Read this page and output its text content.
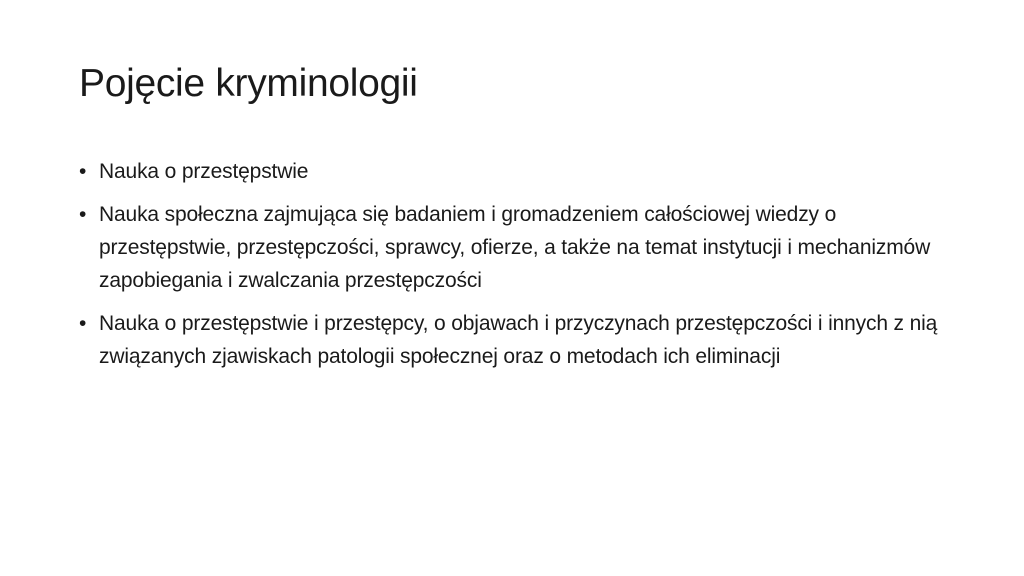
Pojęcie kryminologii
• Nauka o przestępstwie
• Nauka społeczna zajmująca się badaniem i gromadzeniem całościowej wiedzy o przestępstwie, przestępczości, sprawcy, ofierze, a także na temat instytucji i mechanizmów zapobiegania i zwalczania przestępczości
• Nauka o przestępstwie i przestępcy, o objawach i przyczynach przestępczości i innych z nią związanych zjawiskach patologii społecznej oraz o metodach ich eliminacji
